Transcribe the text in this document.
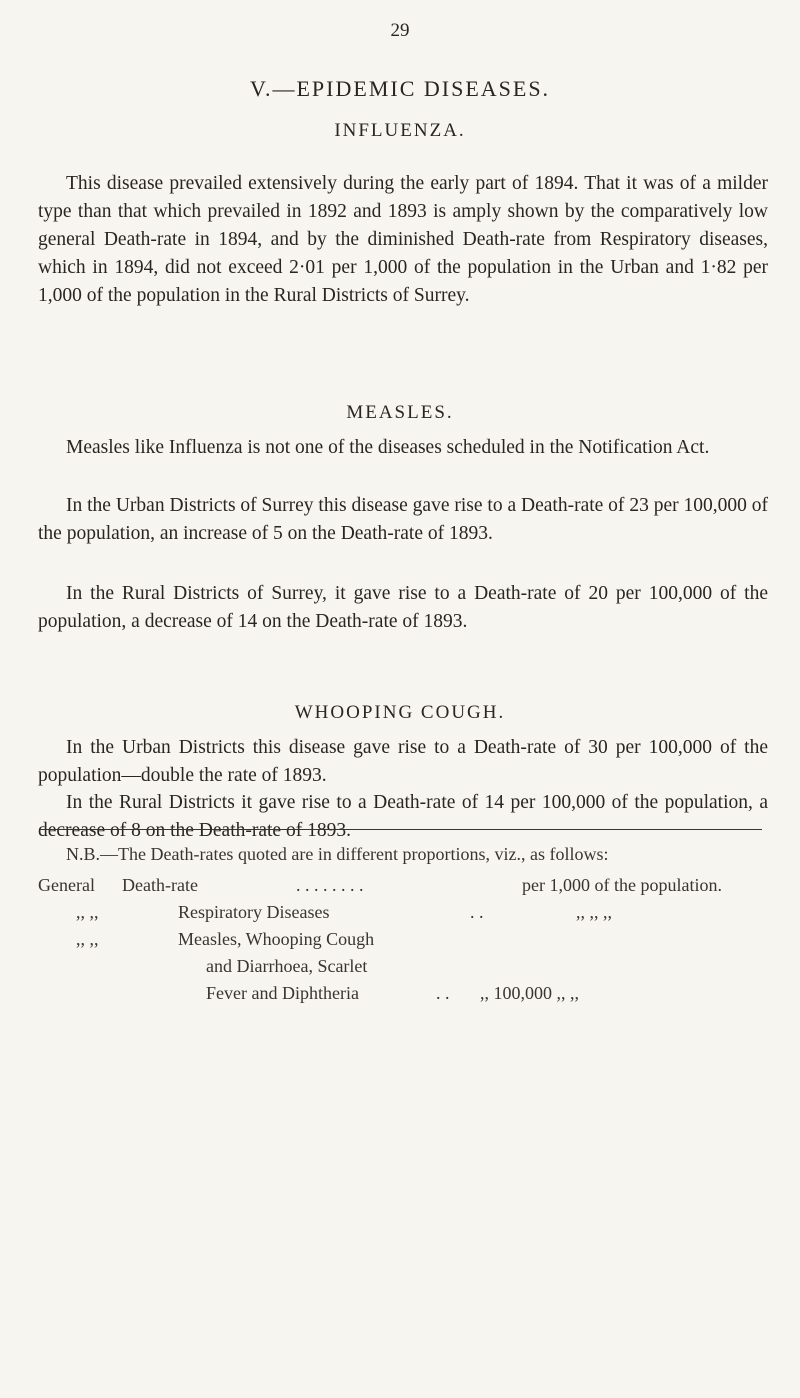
29
V.—EPIDEMIC DISEASES.
INFLUENZA.
This disease prevailed extensively during the early part of 1894. That it was of a milder type than that which prevailed in 1892 and 1893 is amply shown by the comparatively low general Death-rate in 1894, and by the diminished Death-rate from Respiratory diseases, which in 1894, did not exceed 2·01 per 1,000 of the population in the Urban and 1·82 per 1,000 of the population in the Rural Districts of Surrey.
MEASLES.
Measles like Influenza is not one of the diseases scheduled in the Notification Act.
In the Urban Districts of Surrey this disease gave rise to a Death-rate of 23 per 100,000 of the population, an increase of 5 on the Death-rate of 1893.
In the Rural Districts of Surrey, it gave rise to a Death-rate of 20 per 100,000 of the population, a decrease of 14 on the Death-rate of 1893.
WHOOPING COUGH.
In the Urban Districts this disease gave rise to a Death-rate of 30 per 100,000 of the population—double the rate of 1893.
In the Rural Districts it gave rise to a Death-rate of 14 per 100,000 of the population, a decrease of 8 on the Death-rate of 1893.
N.B.—The Death-rates quoted are in different proportions, viz., as follows:
General Death-rate	. . . . . . . .	per 1,000 of the population.
,, ,,	Respiratory Diseases	. .	,, ,, ,,
,, ,,	Measles, Whooping Cough
and Diarrhoea, Scarlet
Fever and Diphtheria	. . ,, 100,000 ,, ,,
